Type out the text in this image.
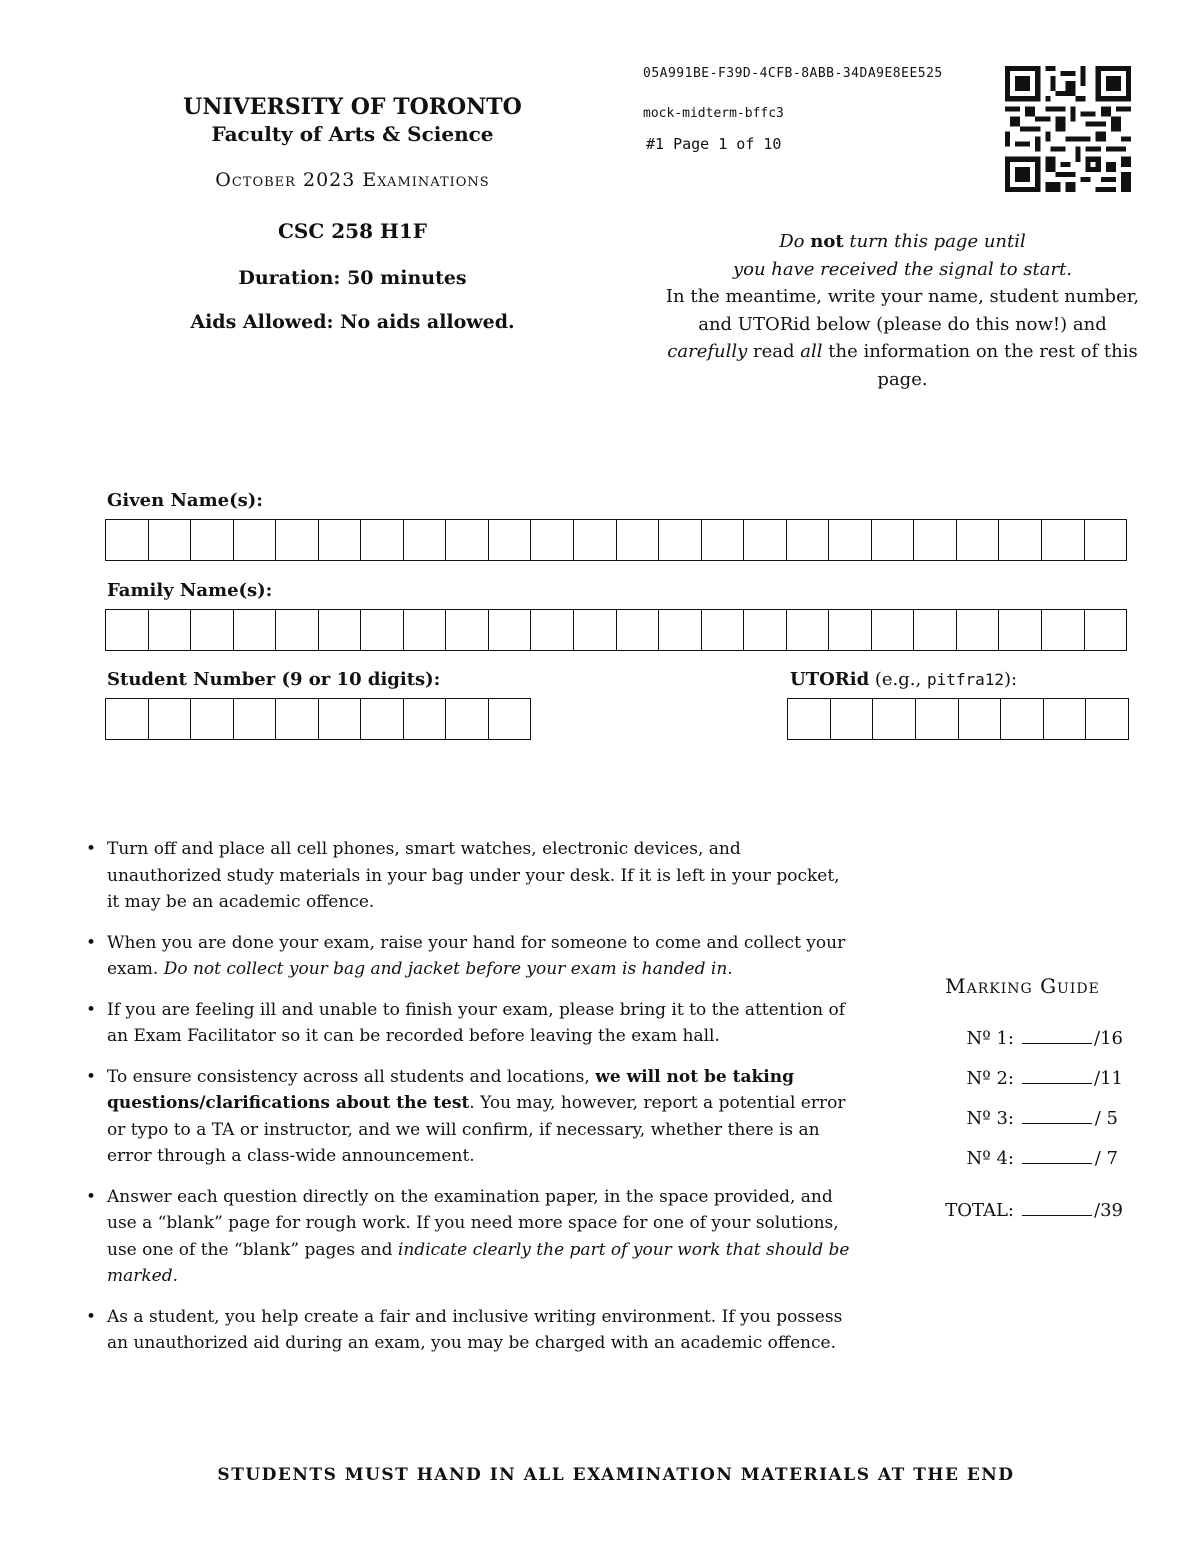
UNIVERSITY OF TORONTO
Faculty of Arts & Science
October 2023 Examinations
CSC 258 H1F
Duration: 50 minutes
Aids Allowed: No aids allowed.
05A991BE-F39D-4CFB-8ABB-34DA9E8EE525
mock-midterm-bffc3
#1 Page 1 of 10
Do not turn this page until
you have received the signal to start.
In the meantime, write your name, student number, and UTORid below (please do this now!) and carefully read all the information on the rest of this page.
Given Name(s):
Family Name(s):
Student Number (9 or 10 digits):	UTORid (e.g., pitfra12):
• Turn off and place all cell phones, smart watches, electronic devices, and unauthorized study materials in your bag under your desk. If it is left in your pocket, it may be an academic offence.
• When you are done your exam, raise your hand for someone to come and collect your exam. Do not collect your bag and jacket before your exam is handed in.
• If you are feeling ill and unable to finish your exam, please bring it to the attention of an Exam Facilitator so it can be recorded before leaving the exam hall.
• To ensure consistency across all students and locations, we will not be taking questions/clarifications about the test. You may, however, report a potential error or typo to a TA or instructor, and we will confirm, if necessary, whether there is an error through a class-wide announcement.
• Answer each question directly on the examination paper, in the space provided, and use a “blank” page for rough work. If you need more space for one of your solutions, use one of the “blank” pages and indicate clearly the part of your work that should be marked.
• As a student, you help create a fair and inclusive writing environment. If you possess an unauthorized aid during an exam, you may be charged with an academic offence.
Marking Guide
Nº 1:	/16
Nº 2:	/11
Nº 3:	/ 5
Nº 4:	/ 7
TOTAL:	/39
STUDENTS MUST HAND IN ALL EXAMINATION MATERIALS AT THE END
